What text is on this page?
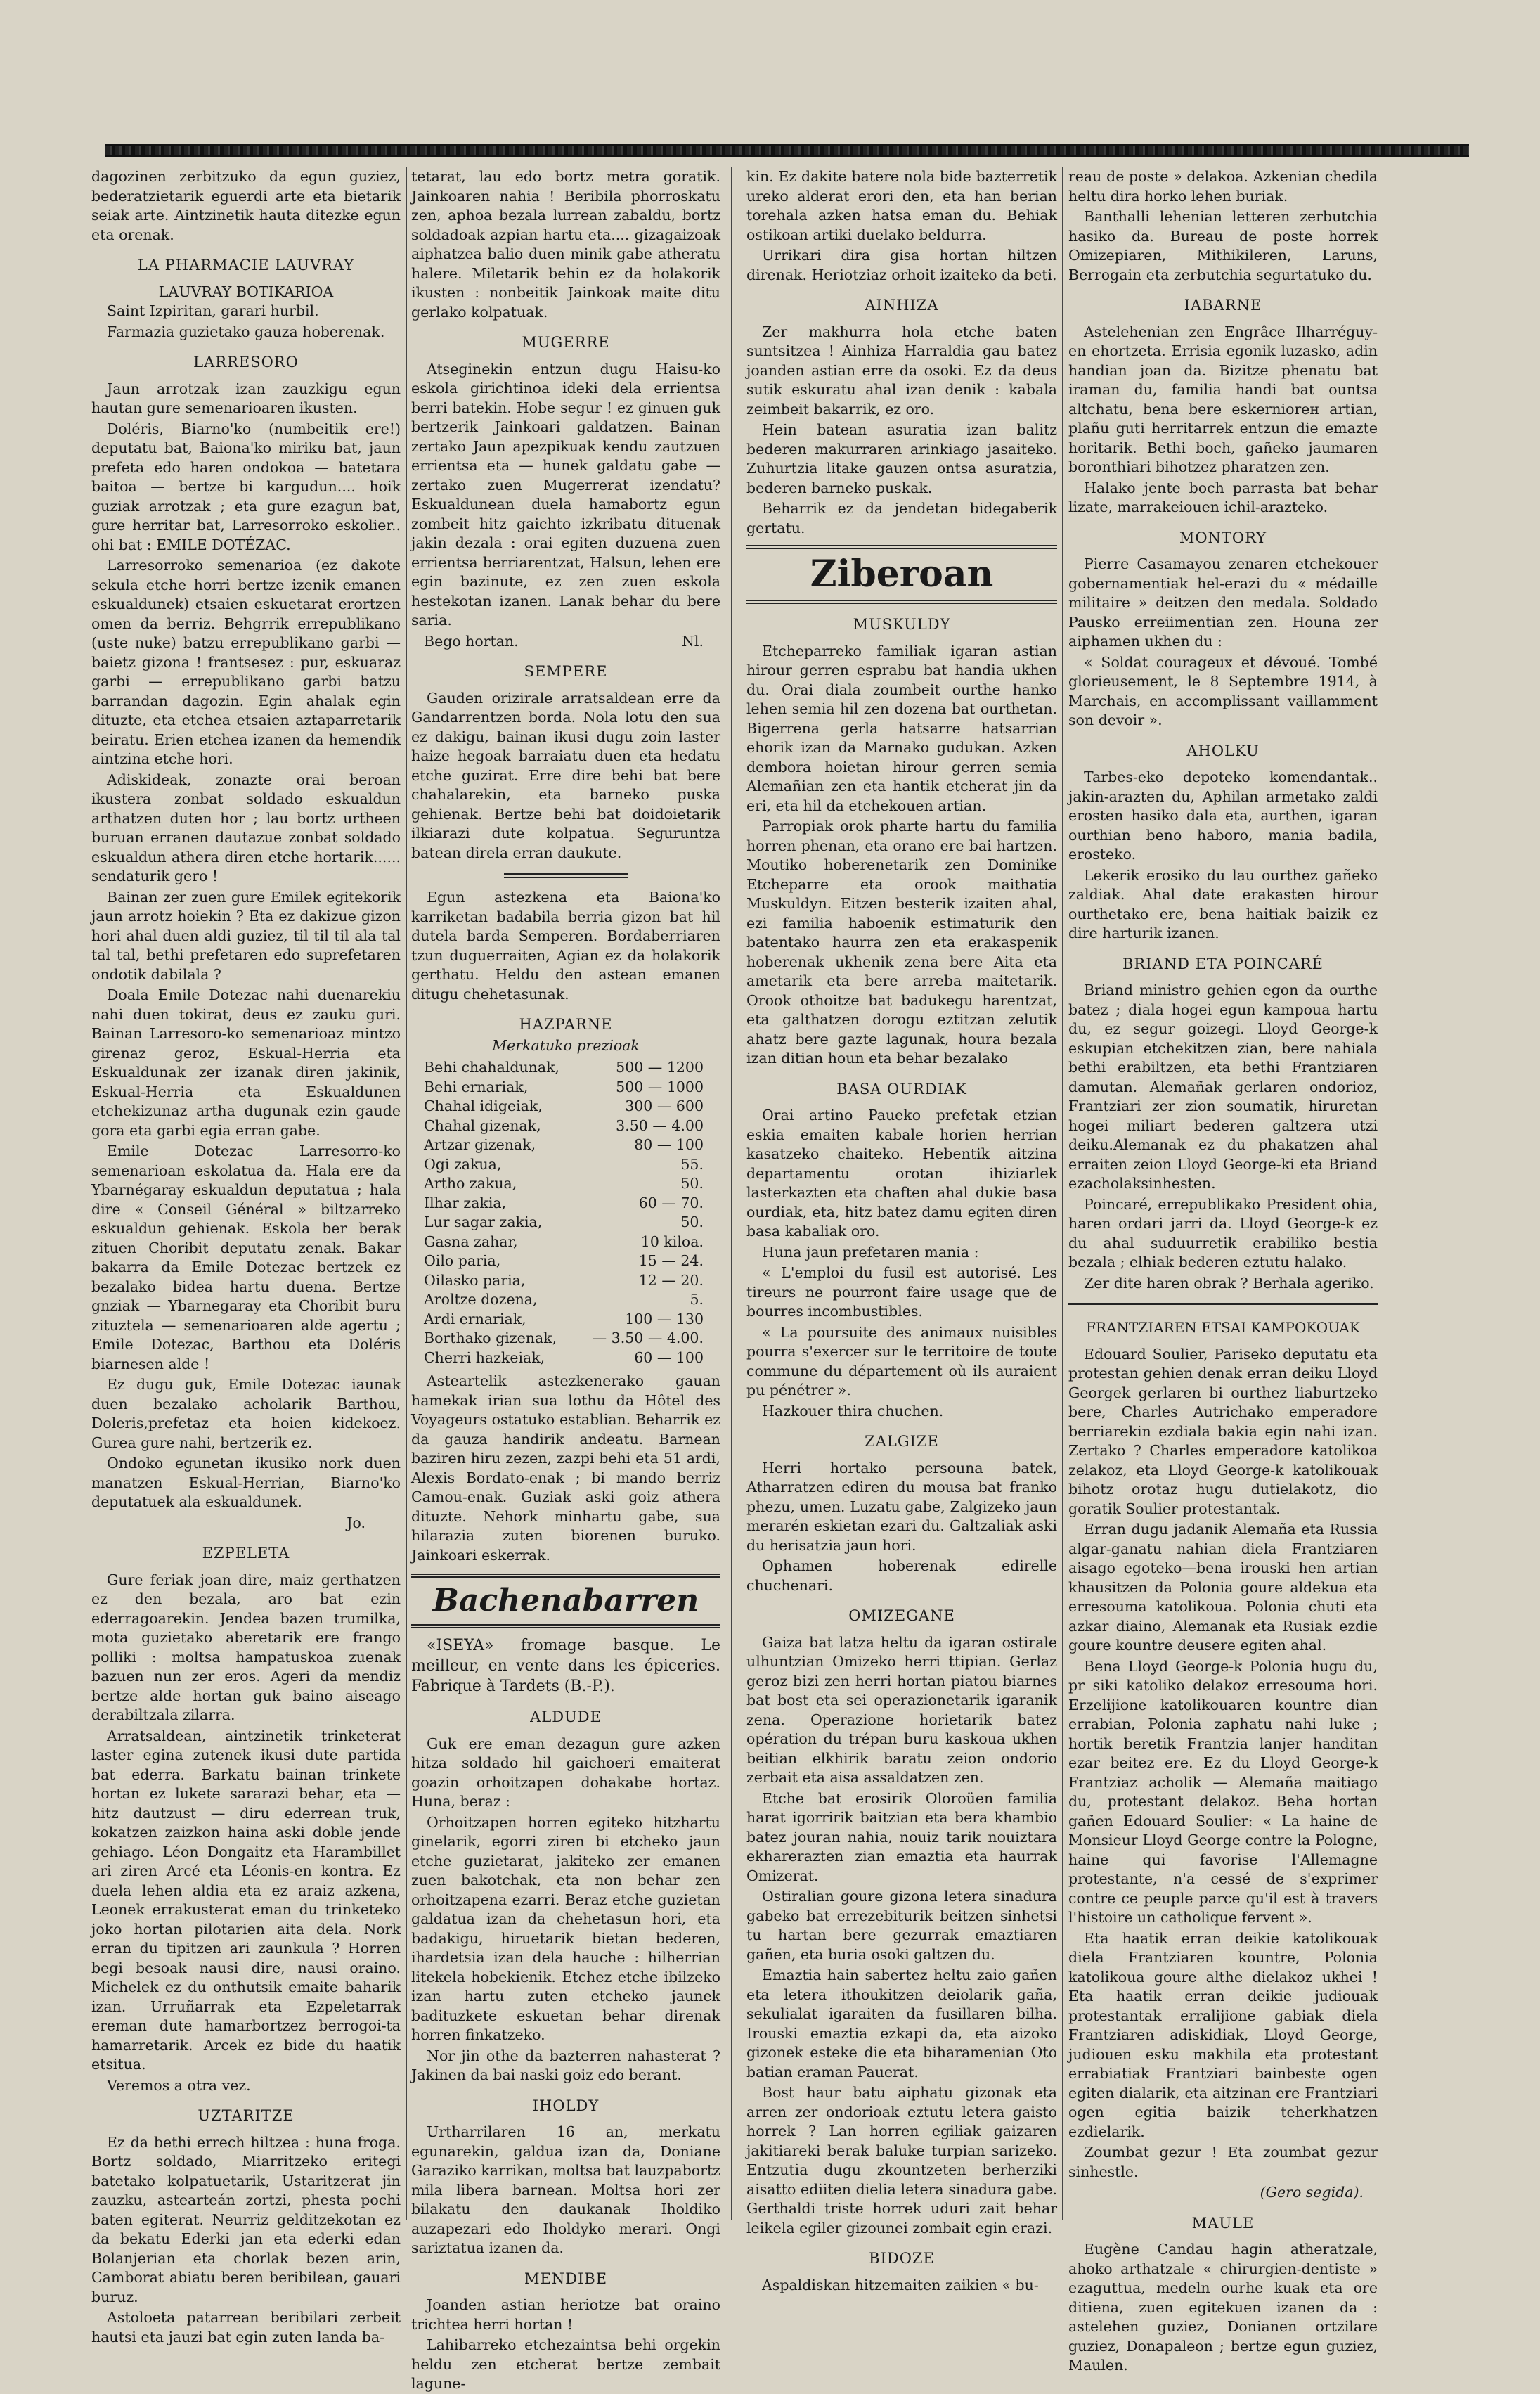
dagozinen zerbitzuko da egun guziez, bederatzietarik eguerdi arte eta bietarik seiak arte. Aintzinetik hauta ditezke egun eta orenak.

LA PHARMACIE LAUVRAY
LAUVRAY BOTIKARIOA

Saint Izpiritan, garari hurbil.

Farmazia guzietako gauza hoberenak.

LARRESORO

Jaun arrotzak izan zauzkigu egun hautan gure semenarioaren ikusten.

Doléris, Biarno'ko (numbeitik ere!) deputatu bat, Baiona'ko miriku bat, jaun prefeta edo haren ondokoa — batetara baitoa — bertze bi kargudun.... hoik guziak arrotzak ; eta gure ezagun bat, gure herritar bat, Larresorroko eskolier.. ohi bat : EMILE DOTÉZAC.

Larresorroko semenarioa (ez dakote sekula etche horri bertze izenik emanen eskualdunek) etsaien eskuetarat erortzen omen da berriz. Behgrrik errepublikano (uste nuke) batzu errepublikano garbi — baietz gizona ! frantsesez : pur, eskuaraz garbi — errepublikano garbi batzu barrandan dagozin. Egin ahalak egin dituzte, eta etchea etsaien aztaparretarik beiratu. Erien etchea izanen da hemendik aintzina etche hori.

Adiskideak, zonazte orai beroan ikustera zonbat soldado eskualdun arthatzen duten hor ; lau bortz urtheen buruan erranen dautazue zonbat soldado eskualdun athera diren etche hortarik...... sendaturik gero !

Bainan zer zuen gure Emilek egitekorik jaun arrotz hoiekin ? Eta ez dakizue gizon hori ahal duen aldi guziez, til til til ala tal tal tal, bethi prefetaren edo suprefetaren ondotik dabilala ?

Doala Emile Dotezac nahi duenarekiu nahi duen tokirat, deus ez zauku guri. Bainan Larresoro-ko semenarioaz mintzo girenaz geroz, Eskual-Herria eta Eskualdunak zer izanak diren jakinik, Eskual-Herria eta Eskualdunen etchekizunaz artha dugunak ezin gaude gora eta garbi egia erran gabe.

Emile Dotezac Larresorro-ko semenarioan eskolatua da. Hala ere da Ybarnégaray eskualdun deputatua ; hala dire « Conseil Général » biltzarreko eskualdun gehienak. Eskola ber berak zituen Choribit deputatu zenak. Bakar bakarra da Emile Dotezac bertzek ez bezalako bidea hartu duena. Bertze gnziak — Ybarnegaray eta Choribit buru zituztela — semenarioaren alde agertu ; Emile Dotezac, Barthou eta Doléris biarnesen alde !

Ez dugu guk, Emile Dotezac iaunak duen bezalako acholarik Barthou, Doleris,prefetaz eta hoien kidekoez. Gurea gure nahi, bertzerik ez.

Ondoko egunetan ikusiko nork duen manatzen Eskual-Herrian, Biarno'ko deputatuek ala eskualdunek.

Jo.
EZPELETA

Gure feriak joan dire, maiz gerthatzen ez den bezala, aro bat ezin ederragoarekin. Jendea bazen trumilka, mota guzietako aberetarik ere frango polliki : moltsa hampatuskoa zuenak bazuen nun zer eros. Ageri da mendiz bertze alde hortan guk baino aiseago derabiltzala zilarra.

Arratsaldean, aintzinetik trinketerat laster egina zutenek ikusi dute partida bat ederra. Barkatu bainan trinkete hortan ez lukete sararazi behar, eta — hitz dautzust — diru ederrean truk, kokatzen zaizkon haina aski doble jende gehiago. Léon Dongaitz eta Harambillet ari ziren Arcé eta Léonis-en kontra. Ez duela lehen aldia eta ez araiz azkena, Leonek errakusterat eman du trinketeko joko hortan pilotarien aita dela. Nork erran du tipitzen ari zaunkula ? Horren begi besoak nausi dire, nausi oraino. Michelek ez du onthutsik emaite baharik izan. Urruñarrak eta Ezpeletarrak ereman dute hamarbortzez berrogoi-ta hamarretarik. Arcek ez bide du haatik etsitua.

Veremos a otra vez.

UZTARITZE

Ez da bethi errech hiltzea : huna froga. Bortz soldado, Miarritzeko eritegi batetako kolpatuetarik, Ustaritzerat jin zauzku, astearteán zortzi, phesta pochi baten egiterat. Neurriz gelditzekotan ez da bekatu Ederki jan eta ederki edan Bolanjerian eta chorlak bezen arin, Camborat abiatu beren beribilean, gauari buruz.

Astoloeta patarrean beribilari zerbeit hautsi eta jauzi bat egin zuten landa ba-

tetarat, lau edo bortz metra goratik. Jainkoaren nahia ! Beribila phorroskatu zen, aphoa bezala lurrean zabaldu, bortz soldadoak azpian hartu eta.... gizagaizoak aiphatzea balio duen minik gabe atheratu halere. Miletarik behin ez da holakorik ikusten : nonbeitik Jainkoak maite ditu gerlako kolpatuak.

MUGERRE

Atseginekin entzun dugu Haisu-ko eskola girichtinoa ideki dela errientsa berri batekin. Hobe segur ! ez ginuen guk bertzerik Jainkoari galdatzen. Bainan zertako Jaun apezpikuak kendu zautzuen errientsa eta — hunek galdatu gabe — zertako zuen Mugerrerat izendatu? Eskualdunean duela hamabortz egun zombeit hitz gaichto izkribatu dituenak jakin dezala : orai egiten duzuena zuen errientsa berriarentzat, Halsun, lehen ere egin bazinute, ez zen zuen eskola hestekotan izanen. Lanak behar du bere saria.

Bego hortan.	Nl.
SEMPERE

Gauden orizirale arratsaldean erre da Gandarrentzen borda. Nola lotu den sua ez dakigu, bainan ikusi dugu zoin laster haize hegoak barraiatu duen eta hedatu etche guzirat. Erre dire behi bat bere chahalarekin, eta barneko puska gehienak. Bertze behi bat doidoietarik ilkiarazi dute kolpatua. Seguruntza batean direla erran daukute.

Egun astezkena eta Baiona'ko karriketan badabila berria gizon bat hil dutela barda Semperen. Bordaberriaren tzun duguerraiten, Agian ez da holakorik gerthatu. Heldu den astean emanen ditugu chehetasunak.

HAZPARNE
Merkatuko prezioak
Behi chahaldunak,	500 — 1200
Behi ernariak,	500 — 1000
Chahal idigeiak,	300 — 600
Chahal gizenak,	3.50 — 4.00
Artzar gizenak,	80 — 100
Ogi zakua,	55.
Artho zakua,	50.
Ilhar zakia,	60 — 70.
Lur sagar zakia,	50.
Gasna zahar,	10 kiloa.
Oilo paria,	15 — 24.
Oilasko paria,	12 — 20.
Aroltze dozena,	5.
Ardi ernariak,	100 — 130
Borthako gizenak, — 3.50 — 4.00.
Cherri hazkeiak,	60 — 100

Asteartelik astezkenerako gauan hamekak irian sua lothu da Hôtel des Voyageurs ostatuko establian. Beharrik ez da gauza handirik andeatu. Barnean baziren hiru zezen, zazpi behi eta 51 ardi, Alexis Bordato-enak ; bi mando berriz Camou-enak. Guziak aski goiz athera dituzte. Nehork minhartu gabe, sua hilarazia zuten biorenen buruko. Jainkoari eskerrak.

Bachenabarren

«ISEYA» fromage basque. Le meilleur, en vente dans les épiceries. Fabrique à Tardets (B.-P.).

ALDUDE

Guk ere eman dezagun gure azken hitza soldado hil gaichoeri emaiterat goazin orhoitzapen dohakabe hortaz. Huna, beraz :

Orhoitzapen horren egiteko hitzhartu ginelarik, egorri ziren bi etcheko jaun etche guzietarat, jakiteko zer emanen zuen bakotchak, eta non behar zen orhoitzapena ezarri. Beraz etche guzietan galdatua izan da chehetasun hori, eta badakigu, hiruetarik bietan bederen, ihardetsia izan dela hauche : hilherrian litekela hobekienik. Etchez etche ibilzeko izan hartu zuten etcheko jaunek badituzkete eskuetan behar direnak horren finkatzeko.

Nor jin othe da bazterren nahasterat ? Jakinen da bai naski goiz edo berant.

IHOLDY

Urtharrilaren 16 an, merkatu egunarekin, galdua izan da, Doniane Garaziko karrikan, moltsa bat lauzpabortz mila libera barnean. Moltsa hori zer bilakatu den daukanak Iholdiko auzapezari edo Iholdyko merari. Ongi sariztatua izanen da.

MENDIBE

Joanden astian heriotze bat oraino trichtea herri hortan !

Lahibarreko etchezaintsa behi orgekin heldu zen etcherat bertze zembait lagune-

kin. Ez dakite batere nola bide bazterretik ureko alderat erori den, eta han berian torehala azken hatsa eman du. Behiak ostikoan artiki duelako beldurra.

Urrikari dira gisa hortan hiltzen direnak. Heriotziaz orhoit izaiteko da beti.

AINHIZA

Zer makhurra hola etche baten suntsitzea ! Ainhiza Harraldia gau batez joanden astian erre da osoki. Ez da deus sutik eskuratu ahal izan denik : kabala zeimbeit bakarrik, ez oro.

Hein batean asuratia izan balitz bederen makurraren arinkiago jasaiteko. Zuhurtzia litake gauzen ontsa asuratzia, bederen barneko puskak.

Beharrik ez da jendetan bidegaberik gertatu.

Ziberoan
MUSKULDY

Etcheparreko familiak igaran astian hirour gerren esprabu bat handia ukhen du. Orai diala zoumbeit ourthe hanko lehen semia hil zen dozena bat ourthetan. Bigerrena gerla hatsarre hatsarrian ehorik izan da Marnako gudukan. Azken dembora hoietan hirour gerren semia Alemañian zen eta hantik etcherat jin da eri, eta hil da etchekouen artian.

Parropiak orok pharte hartu du familia horren phenan, eta orano ere bai hartzen. Moutiko hoberenetarik zen Dominike Etcheparre eta orook maithatia Muskuldyn. Eitzen besterik izaiten ahal, ezi familia haboenik estimaturik den batentako haurra zen eta erakaspenik hoberenak ukhenik zena bere Aita eta ametarik eta bere arreba maitetarik. Orook othoitze bat badukegu harentzat, eta galthatzen dorogu eztitzan zelutik ahatz bere gazte lagunak, houra bezala izan ditian houn eta behar bezalako

BASA OURDIAK

Orai artino Paueko prefetak etzian eskia emaiten kabale horien herrian kasatzeko chaiteko. Hebentik aitzina departamentu orotan ihiziarlek lasterkazten eta chaften ahal dukie basa ourdiak, eta, hitz batez damu egiten diren basa kabaliak oro.

Huna jaun prefetaren mania :

« L'emploi du fusil est autorisé. Les tireurs ne pourront faire usage que de bourres incombustibles.

« La poursuite des animaux nuisibles pourra s'exercer sur le territoire de toute commune du département où ils auraient pu pénétrer ».

Hazkouer thira chuchen.

ZALGIZE

Herri hortako persouna batek, Atharratzen ediren du mousa bat franko phezu, umen. Luzatu gabe, Zalgizeko jaun merarén eskietan ezari du. Galtzaliak aski du herisatzia jaun hori.

Ophamen hoberenak edirelle chuchenari.

OMIZEGANE

Gaiza bat latza heltu da igaran ostirale ulhuntzian Omizeko herri ttipian. Gerlaz geroz bizi zen herri hortan piatou biarnes bat bost eta sei operazionetarik igaranik zena. Operazione horietarik batez opération du trépan buru kaskoua ukhen beitian elkhirik baratu zeion ondorio zerbait eta aisa assaldatzen zen.

Etche bat erosirik Oloroüen familia harat igorririk baitzian eta bera khambio batez jouran nahia, nouiz tarik nouiztara ekharerazten zian emaztia eta haurrak Omizerat.

Ostiralian goure gizona letera sinadura gabeko bat errezebiturik beitzen sinhetsi tu hartan bere gezurrak emaztiaren gañen, eta buria osoki galtzen du.

Emaztia hain sabertez heltu zaio gañen eta letera ithoukitzen deiolarik gaña, sekulialat igaraiten da fusillaren bilha. Irouski emaztia ezkapi da, eta aizoko gizonek esteke die eta biharamenian Oto batian eraman Pauerat.

Bost haur batu aiphatu gizonak eta arren zer ondorioak eztutu letera gaisto horrek ? Lan horren egiliak gaizaren jakitiareki berak baluke turpian sarizeko. Entzutia dugu zkountzeten berherziki aisatto ediiten dielia letera sinadura gabe. Gerthaldi triste horrek uduri zait behar leikela egiler gizounei zombait egin erazi.

BIDOZE

Aspaldiskan hitzemaiten zaikien « bu-

reau de poste » delakoa. Azkenian chedila heltu dira horko lehen buriak.

Banthalli lehenian letteren zerbutchia hasiko da. Bureau de poste horrek Omizepiaren, Mithikileren, Laruns, Berrogain eta zerbutchia segurtatuko du.

IABARNE

Astelehenian zen Engrâce Ilharréguy-en ehortzeta. Errisia egonik luzasko, adin handian joan da. Bizitze phenatu bat iraman du, familia handi bat ountsa altchatu, bena bere eskerniorен artian, plañu guti herritarrek entzun die emazte horitarik. Bethi boch, gañeko jaumaren boronthiari bihotzez pharatzen zen.

Halako jente boch parrasta bat behar lizate, marrakeiouen ichil-arazteko.

MONTORY

Pierre Casamayou zenaren etchekouer gobernamentiak hel-erazi du « médaille militaire » deitzen den medala. Soldado Pausko erreiimentian zen. Houna zer aiphamen ukhen du :

« Soldat courageux et dévoué. Tombé glorieusement, le 8 Septembre 1914, à Marchais, en accomplissant vaillamment son devoir ».

AHOLKU

Tarbes-eko depoteko komendantak.. jakin-arazten du, Aphilan armetako zaldi erosten hasiko dala eta, aurthen, igaran ourthian beno haboro, mania badila, erosteko.

Lekerik erosiko du lau ourthez gañeko zaldiak. Ahal date erakasten hirour ourthetako ere, bena haitiak baizik ez dire harturik izanen.

BRIAND ETA POINCARÉ

Briand ministro gehien egon da ourthe batez ; diala hogei egun kampoua hartu du, ez segur goizegi. Lloyd George-k eskupian etchekitzen zian, bere nahiala bethi erabiltzen, eta bethi Frantziaren damutan. Alemañak gerlaren ondorioz, Frantziari zer zion soumatik, hiruretan hogei miliart bederen galtzera utzi deiku.Alemanak ez du phakatzen ahal erraiten zeion Lloyd George-ki eta Briand ezacholaksinhesten.

Poincaré, errepublikako President ohia, haren ordari jarri da. Lloyd George-k ez du ahal suduurretik erabiliko bestia bezala ; elhiak bederen eztutu halako.

Zer dite haren obrak ? Berhala ageriko.

FRANTZIAREN ETSAI KAMPOKOUAK

Edouard Soulier, Pariseko deputatu eta protestan gehien denak erran deiku Lloyd Georgek gerlaren bi ourthez liaburtzeko bere, Charles Autrichako emperadore berriarekin ezdiala bakia egin nahi izan. Zertako ? Charles emperadore katolikoa zelakoz, eta Lloyd George-k katolikouak bihotz orotaz hugu dutielakotz, dio goratik Soulier protestantak.

Erran dugu jadanik Alemaña eta Russia algar-ganatu nahian diela Frantziaren aisago egoteko—bena irouski hen artian khausitzen da Polonia goure aldekua eta erresouma katolikoua. Polonia chuti eta azkar diaino, Alemanak eta Rusiak ezdie goure kountre deusere egiten ahal.

Bena Lloyd George-k Polonia hugu du, pr siki katoliko delakoz erresouma hori. Erzelijione katolikouaren kountre dian errabian, Polonia zaphatu nahi luke ; hortik beretik Frantzia lanjer handitan ezar beitez ere. Ez du Lloyd George-k Frantziaz acholik — Alemaña maitiago du, protestant delakoz. Beha hortan gañen Edouard Soulier: « La haine de Monsieur Lloyd George contre la Pologne, haine qui favorise l'Allemagne protestante, n'a cessé de s'exprimer contre ce peuple parce qu'il est à travers l'histoire un catholique fervent ».

Eta haatik erran deikie katolikouak diela Frantziaren kountre, Polonia katolikoua goure althe dielakoz ukhei ! Eta haatik erran deikie judiouak protestantak erralijione gabiak diela Frantziaren adiskidiak, Lloyd George, judiouen esku makhila eta protestant errabiatiak Frantziari bainbeste ogen egiten dialarik, eta aitzinan ere Frantziari ogen egitia baizik teherkhatzen ezdielarik.

Zoumbat gezur ! Eta zoumbat gezur sinhestle.

(Gero segida).
MAULE

Eugène Candau hagin atheratzale, ahoko arthatzale « chirurgien-dentiste » ezaguttua, medeln ourhe kuak eta ore ditiena, zuen egitekuen izanen da : astelehen guziez, Donianen ortzilare guziez, Donapaleon ; bertze egun guziez, Maulen.
